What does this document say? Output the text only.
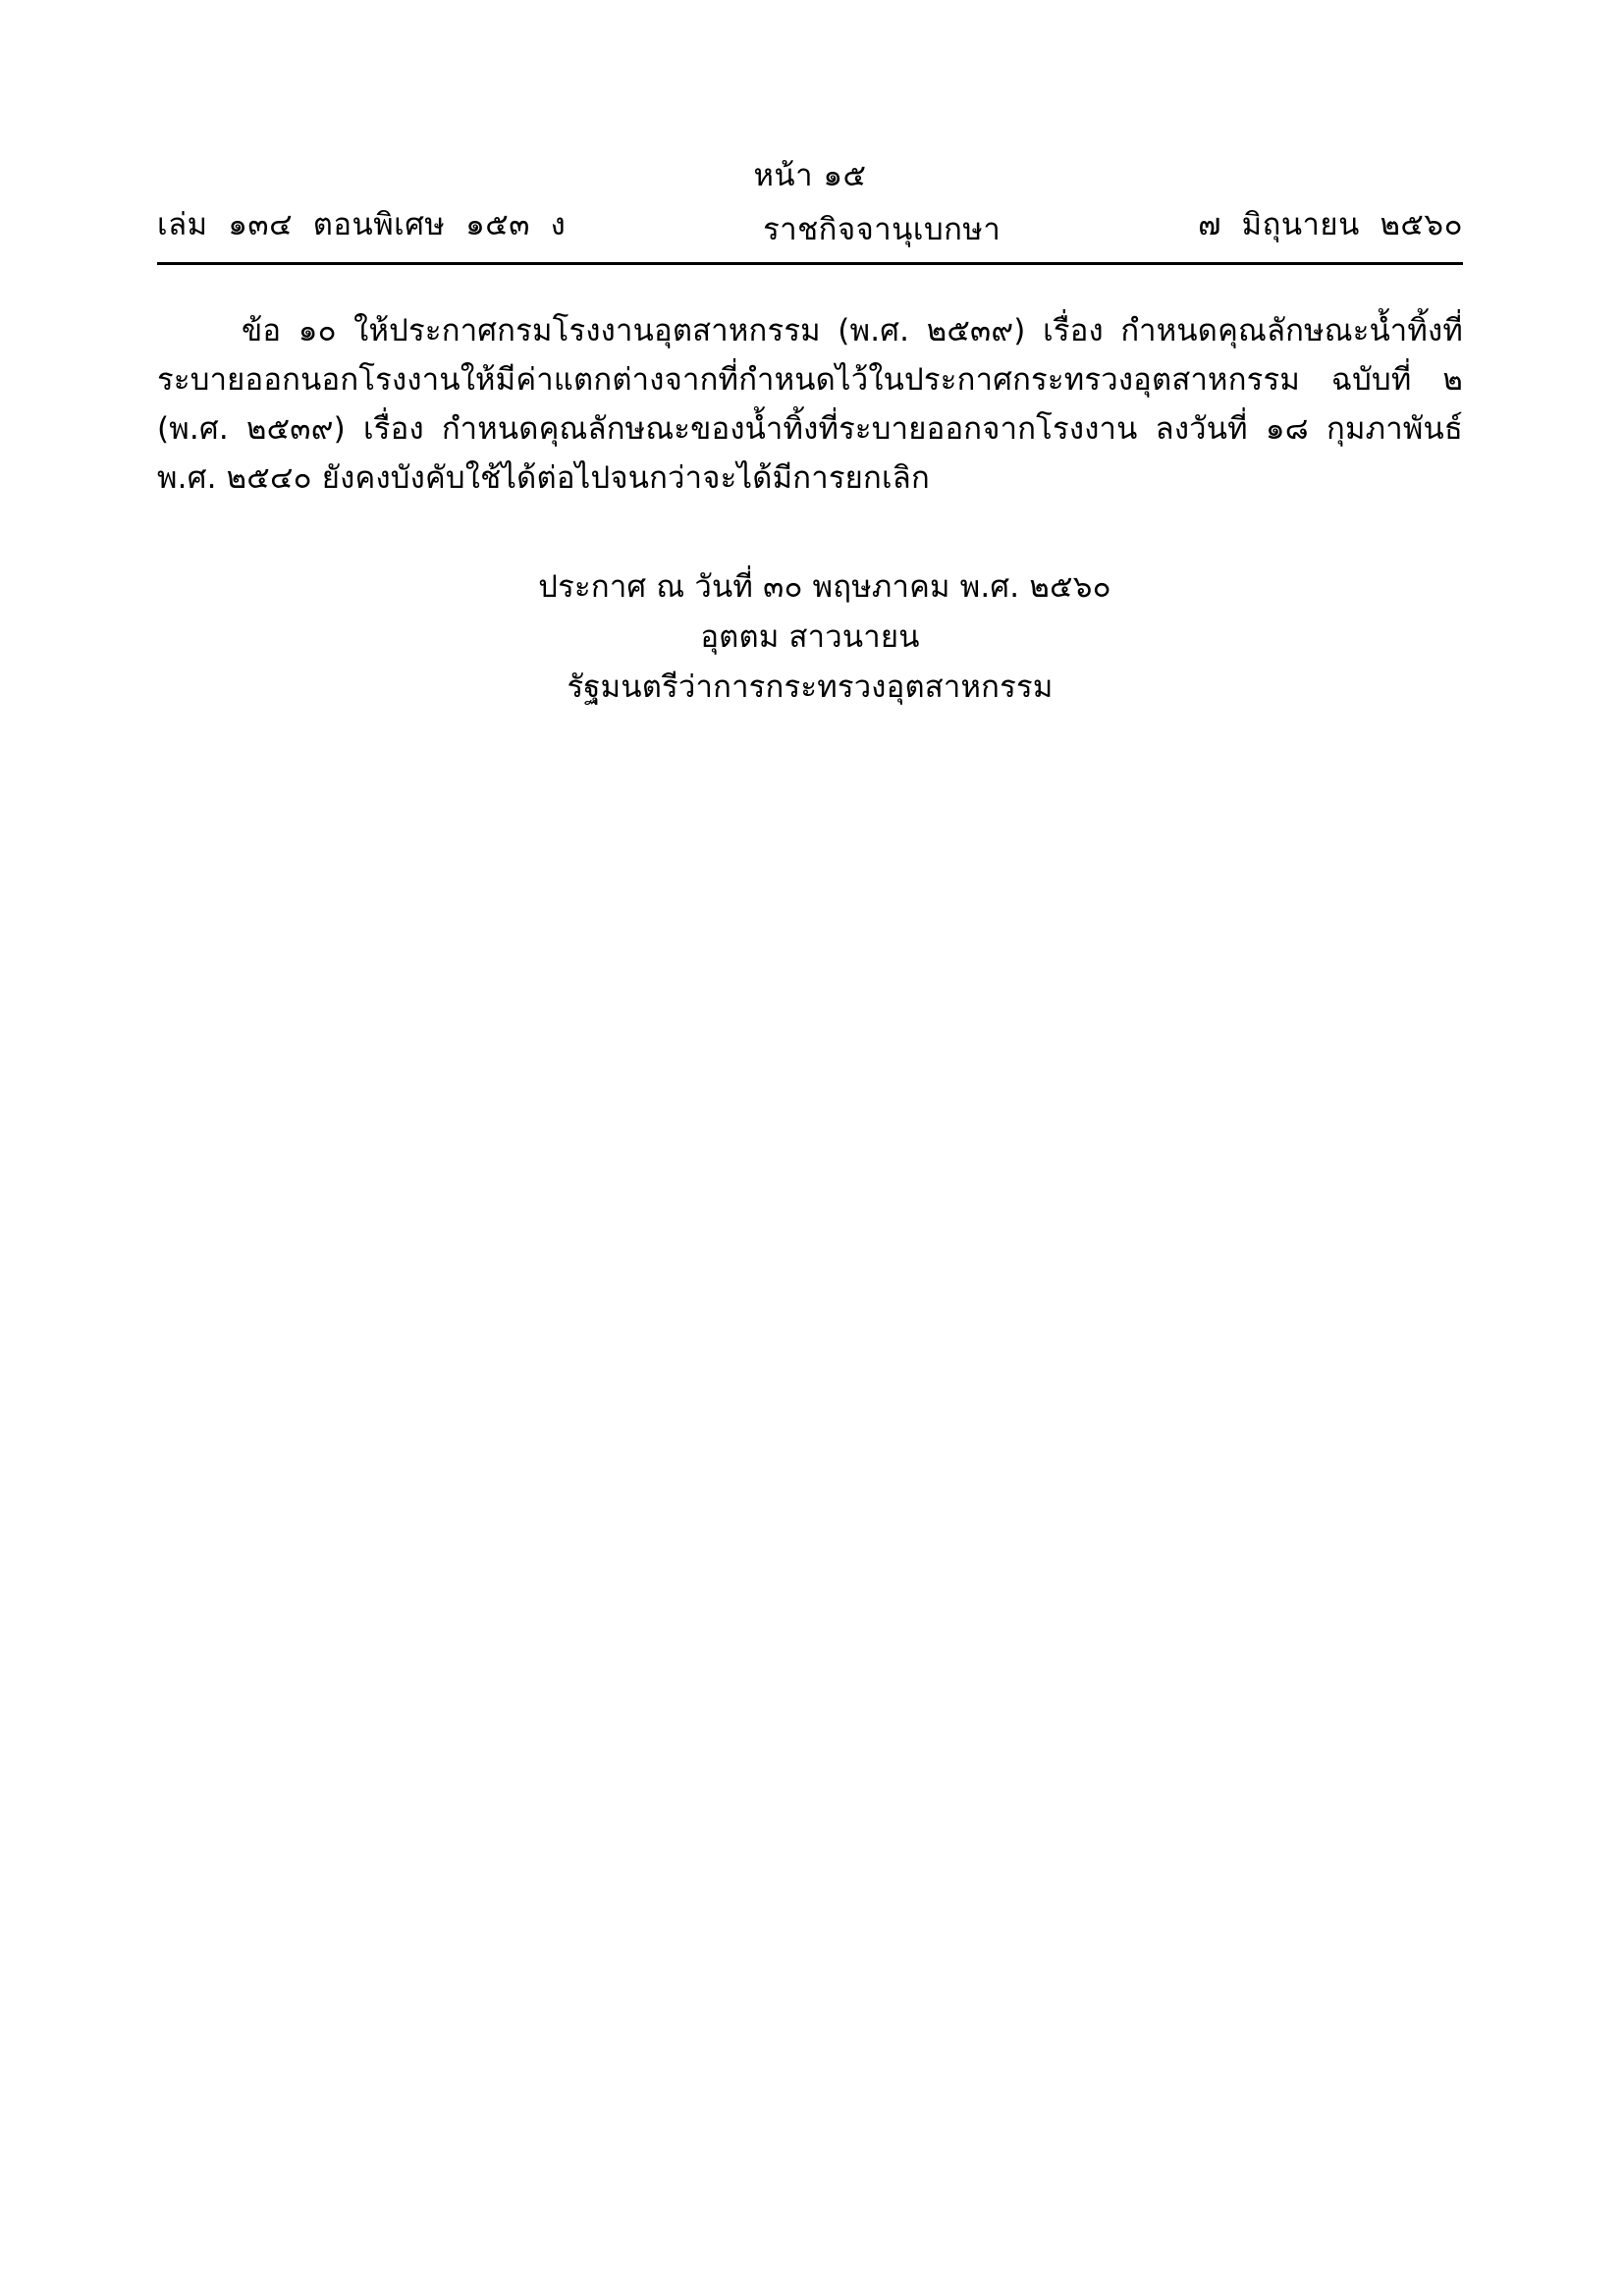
หน้า ๑๕
เล่ม  ๑๓๔  ตอนพิเศษ  ๑๕๓  ง	ราชกิจจานุเบกษา	๗  มิถุนายน  ๒๕๖๐

ข้อ ๑๐ ให้ประกาศกรมโรงงานอุตสาหกรรม (พ.ศ. ๒๕๓๙) เรื่อง กำหนดคุณลักษณะน้ำทิ้งที่ระบายออกนอกโรงงานให้มีค่าแตกต่างจากที่กำหนดไว้ในประกาศกระทรวงอุตสาหกรรม ฉบับที่ ๒ (พ.ศ. ๒๕๓๙) เรื่อง กำหนดคุณลักษณะของน้ำทิ้งที่ระบายออกจากโรงงาน ลงวันที่ ๑๘ กุมภาพันธ์ พ.ศ. ๒๕๔๐ ยังคงบังคับใช้ได้ต่อไปจนกว่าจะได้มีการยกเลิก

ประกาศ ณ วันที่ ๓๐ พฤษภาคม พ.ศ. ๒๕๖๐
อุตตม สาวนายน
รัฐมนตรีว่าการกระทรวงอุตสาหกรรม
